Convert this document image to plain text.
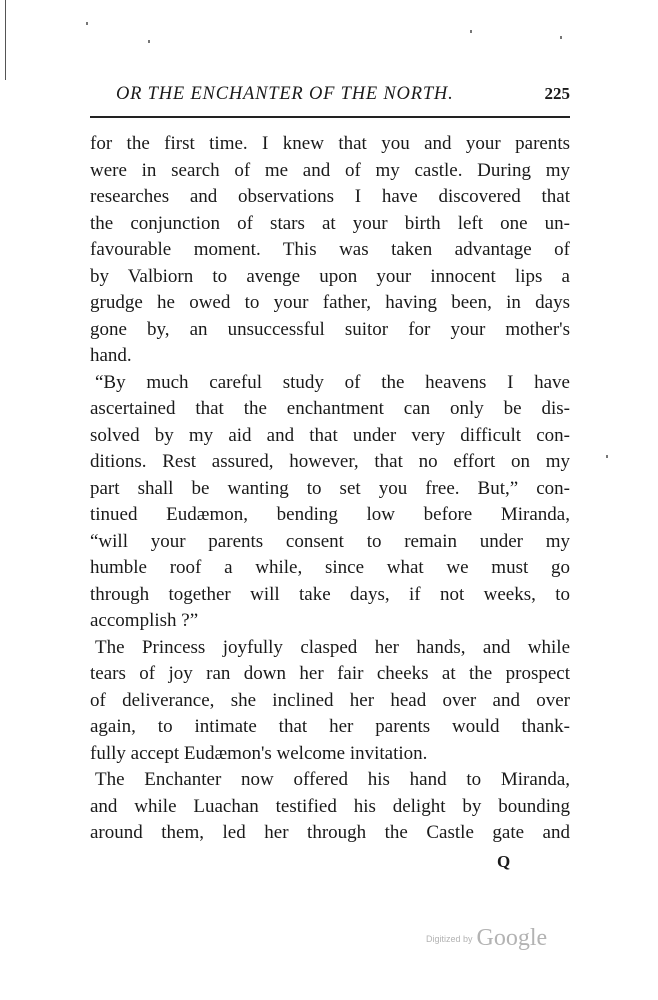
OR THE ENCHANTER OF THE NORTH.	225
for the first time. I knew that you and your parents
were in search of me and of my castle. During my
researches and observations I have discovered that
the conjunction of stars at your birth left one un-
favourable moment. This was taken advantage of
by Valbiorn to avenge upon your innocent lips a
grudge he owed to your father, having been, in days
gone by, an unsuccessful suitor for your mother's
hand.
“By much careful study of the heavens I have
ascertained that the enchantment can only be dis-
solved by my aid and that under very difficult con-
ditions. Rest assured, however, that no effort on my
part shall be wanting to set you free. But,” con-
tinued Eudæmon, bending low before Miranda,
“will your parents consent to remain under my
humble roof a while, since what we must go
through together will take days, if not weeks, to
accomplish ?”
The Princess joyfully clasped her hands, and while
tears of joy ran down her fair cheeks at the prospect
of deliverance, she inclined her head over and over
again, to intimate that her parents would thank-
fully accept Eudæmon's welcome invitation.
The Enchanter now offered his hand to Miranda,
and while Luachan testified his delight by bounding
around them, led her through the Castle gate and
Q
Digitized by Google
